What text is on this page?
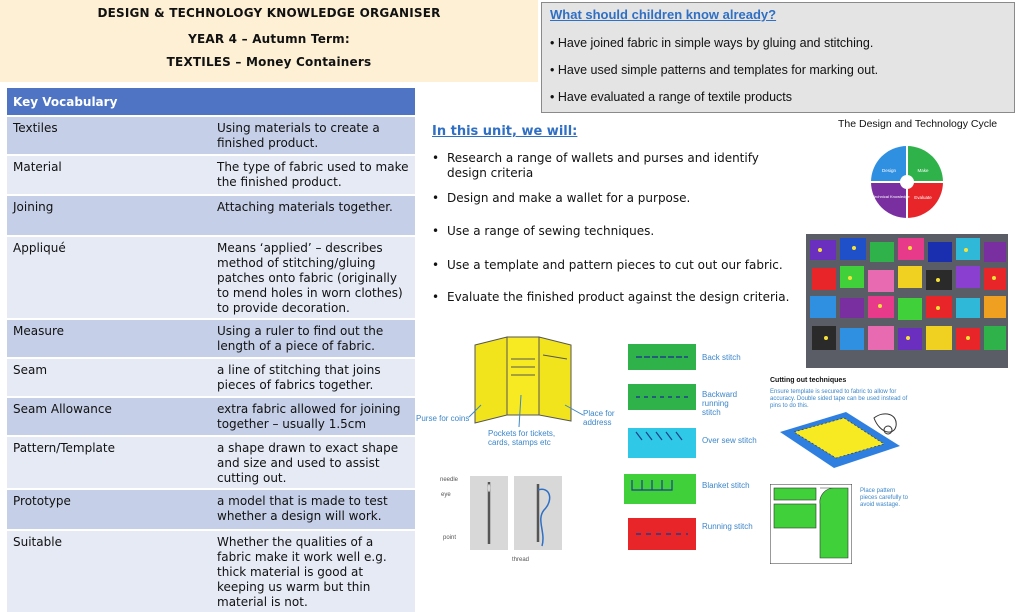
DESIGN & TECHNOLOGY KNOWLEDGE ORGANISER
YEAR 4 – Autumn Term:
TEXTILES – Money Containers
What should children know already?
• Have joined fabric in simple ways by gluing and stitching.
• Have used simple patterns and templates for marking out.
• Have evaluated a range of textile products
Key Vocabulary	
Textiles	Using materials to create a finished product.
Material	The type of fabric used to make the finished product.
Joining	Attaching materials together.
Appliqué	Means ‘applied’ – describes method of stitching/gluing patches onto fabric (originally to mend holes in worn clothes) to provide decoration.
Measure	Using a ruler to find out the length of a piece of fabric.
Seam	a line of stitching that joins pieces of fabrics together.
Seam Allowance	extra fabric allowed for joining together – usually 1.5cm
Pattern/Template	a shape drawn to exact shape and size and used to assist cutting out.
Prototype	a model that is made to test whether a design will work.
Suitable	Whether the qualities of a fabric make it work well e.g. thick material is good at keeping us warm but thin material is not.
In this unit, we will:
• Research a range of wallets and purses and identify design criteria
• Design and make a wallet for a purpose.
• Use a range of sewing techniques.
• Use a template and pattern pieces to cut out our fabric.
• Evaluate the finished product against the design criteria.
The Design and Technology Cycle
Design	Make
Evaluate
Technical Knowledge
Purse for coins
Pockets for tickets, cards, stamps etc
Place for address
needle
eye
point
thread
Back stitch
Backward running stitch
Over sew stitch
Blanket stitch
Running stitch
Cutting out techniques
Ensure template is secured to fabric to allow for accuracy. Double sided tape can be used instead of pins to do this.
Place pattern pieces carefully to avoid wastage.
